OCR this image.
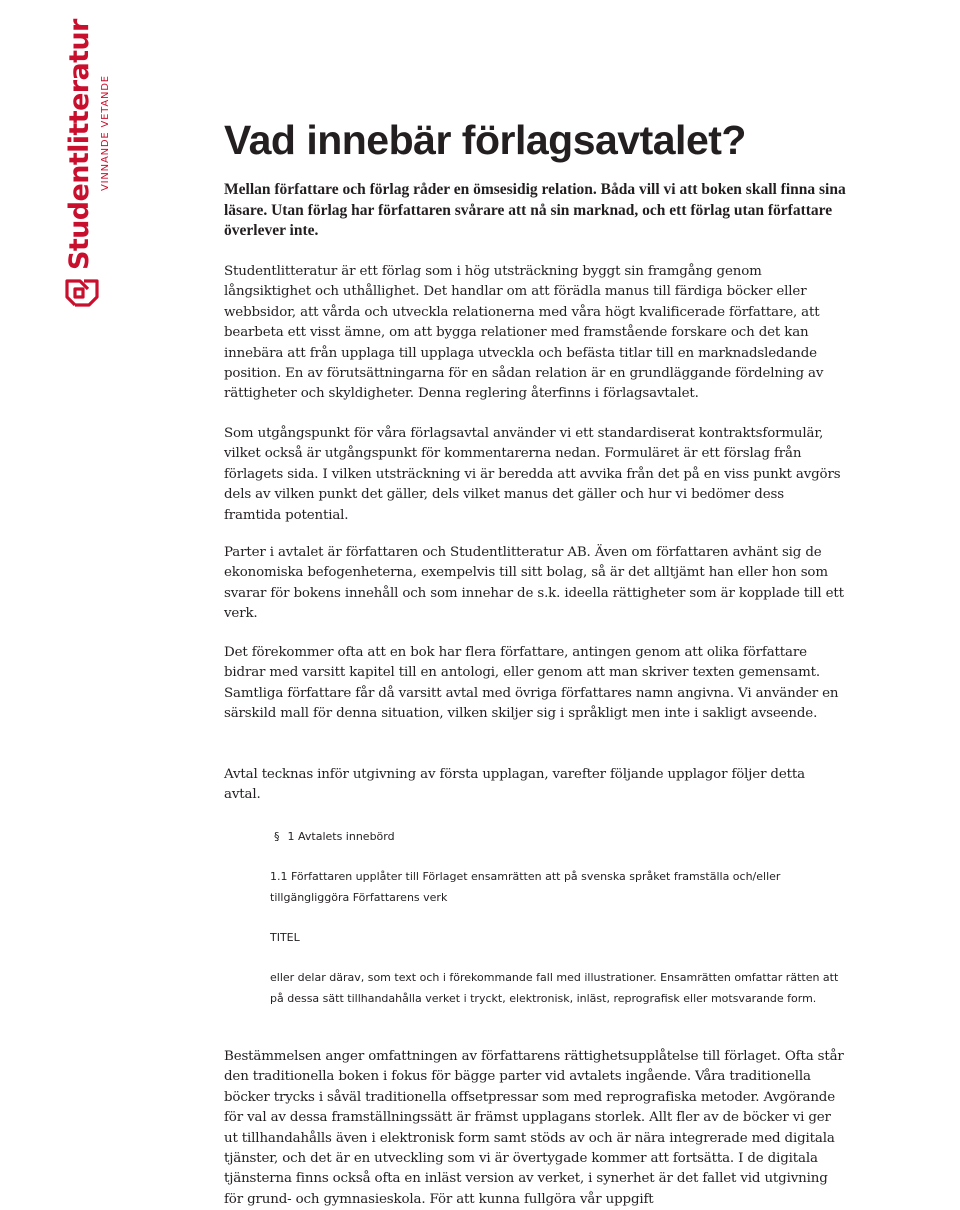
Studentlitteratur VINNANDE VETANDE	Vad innebär förlagsavtalet?

Mellan författare och förlag råder en ömsesidig relation. Båda vill vi att boken skall finna sina läsare. Utan förlag har författaren svårare att nå sin marknad, och ett förlag utan författare överlever inte.

Studentlitteratur är ett förlag som i hög utsträckning byggt sin framgång genom långsiktighet och uthållighet. Det handlar om att förädla manus till färdiga böcker eller webbsidor, att vårda och utveckla relationerna med våra högt kvalificerade författare, att bearbeta ett visst ämne, om att bygga relationer med framstående forskare och det kan innebära att från upplaga till upplaga utveckla och befästa titlar till en marknadsledande position. En av förutsättningarna för en sådan relation är en grundläggande fördelning av rättigheter och skyldigheter. Denna reglering återfinns i förlagsavtalet.

Som utgångspunkt för våra förlagsavtal använder vi ett standardiserat kontraktsformulär, vilket också är utgångspunkt för kommentarerna nedan. Formuläret är ett förslag från förlagets sida. I vilken utsträckning vi är beredda att avvika från det på en viss punkt avgörs dels av vilken punkt det gäller, dels vilket manus det gäller och hur vi bedömer dess framtida potential.

Parter i avtalet är författaren och Studentlitteratur AB. Även om författaren avhänt sig de ekonomiska befogenheterna, exempelvis till sitt bolag, så är det alltjämt han eller hon som svarar för bokens innehåll och som innehar de s.k. ideella rättigheter som är kopplade till ett verk.

Det förekommer ofta att en bok har flera författare, antingen genom att olika författare bidrar med varsitt kapitel till en antologi, eller genom att man skriver texten gemensamt. Samtliga författare får då varsitt avtal med övriga författares namn angivna. Vi använder en särskild mall för denna situation, vilken skiljer sig i språkligt men inte i sakligt avseende.

Avtal tecknas inför utgivning av första upplagan, varefter följande upplagor följer detta avtal.

§ 1 Avtalets innebörd

1.1 Författaren upplåter till Förlaget ensamrätten att på svenska språket framställa och/eller tillgängliggöra Författarens verk

TITEL

eller delar därav, som text och i förekommande fall med illustrationer. Ensamrätten omfattar rätten att på dessa sätt tillhandahålla verket i tryckt, elektronisk, inläst, reprografisk eller motsvarande form.

Bestämmelsen anger omfattningen av författarens rättighetsupplåtelse till förlaget. Ofta står den traditionella boken i fokus för bägge parter vid avtalets ingående. Våra traditionella böcker trycks i såväl traditionella offsetpressar som med reprografiska metoder. Avgörande för val av dessa framställningssätt är främst upplagans storlek. Allt fler av de böcker vi ger ut tillhandahålls även i elektronisk form samt stöds av och är nära integrerade med digitala tjänster, och det är en utveckling som vi är övertygade kommer att fortsätta. I de digitala tjänsterna finns också ofta en inläst version av verket, i synerhet är det fallet vid utgivning för grund- och gymnasieskola. För att kunna fullgöra vår uppgift
